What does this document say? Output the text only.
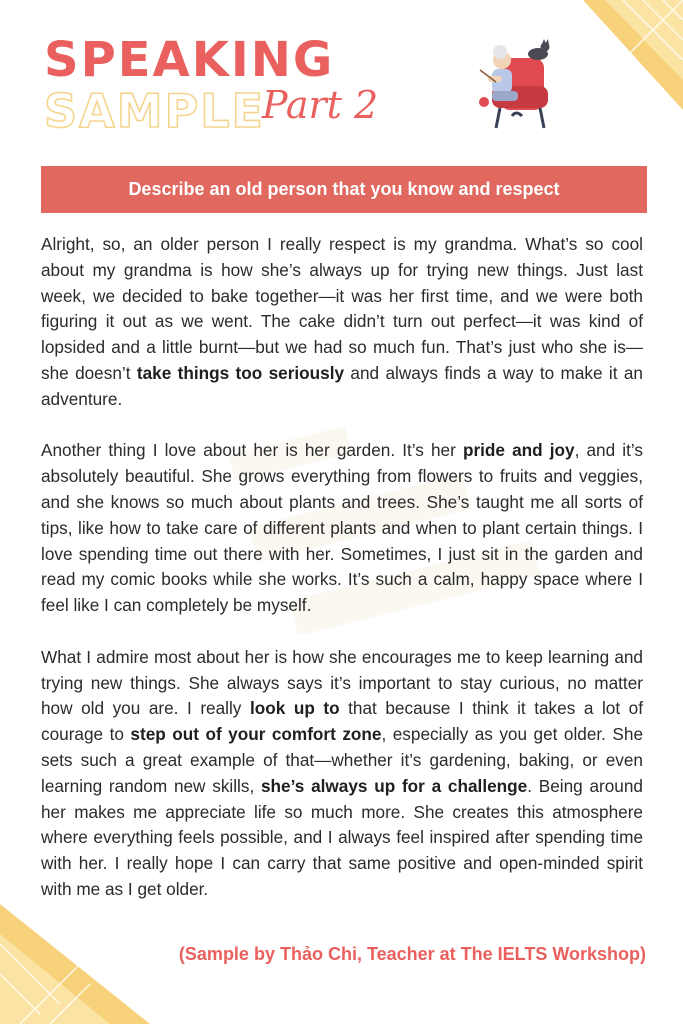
SPEAKING
SAMPLE
Part 2
Describe an old person that you know and respect

Alright, so, an older person I really respect is my grandma. What’s so cool about my grandma is how she’s always up for trying new things. Just last week, we decided to bake together—it was her first time, and we were both figuring it out as we went. The cake didn’t turn out perfect—it was kind of lopsided and a little burnt—but we had so much fun. That’s just who she is—she doesn’t take things too seriously and always finds a way to make it an adventure.

Another thing I love about her is her garden. It’s her pride and joy, and it’s absolutely beautiful. She grows everything from flowers to fruits and veggies, and she knows so much about plants and trees. She’s taught me all sorts of tips, like how to take care of different plants and when to plant certain things. I love spending time out there with her. Sometimes, I just sit in the garden and read my comic books while she works. It’s such a calm, happy space where I feel like I can completely be myself.

What I admire most about her is how she encourages me to keep learning and trying new things. She always says it’s important to stay curious, no matter how old you are. I really look up to that because I think it takes a lot of courage to step out of your comfort zone, especially as you get older. She sets such a great example of that—whether it’s gardening, baking, or even learning random new skills, she’s always up for a challenge. Being around her makes me appreciate life so much more. She creates this atmosphere where everything feels possible, and I always feel inspired after spending time with her. I really hope I can carry that same positive and open-minded spirit with me as I get older.

(Sample by Thảo Chi, Teacher at The IELTS Workshop)
